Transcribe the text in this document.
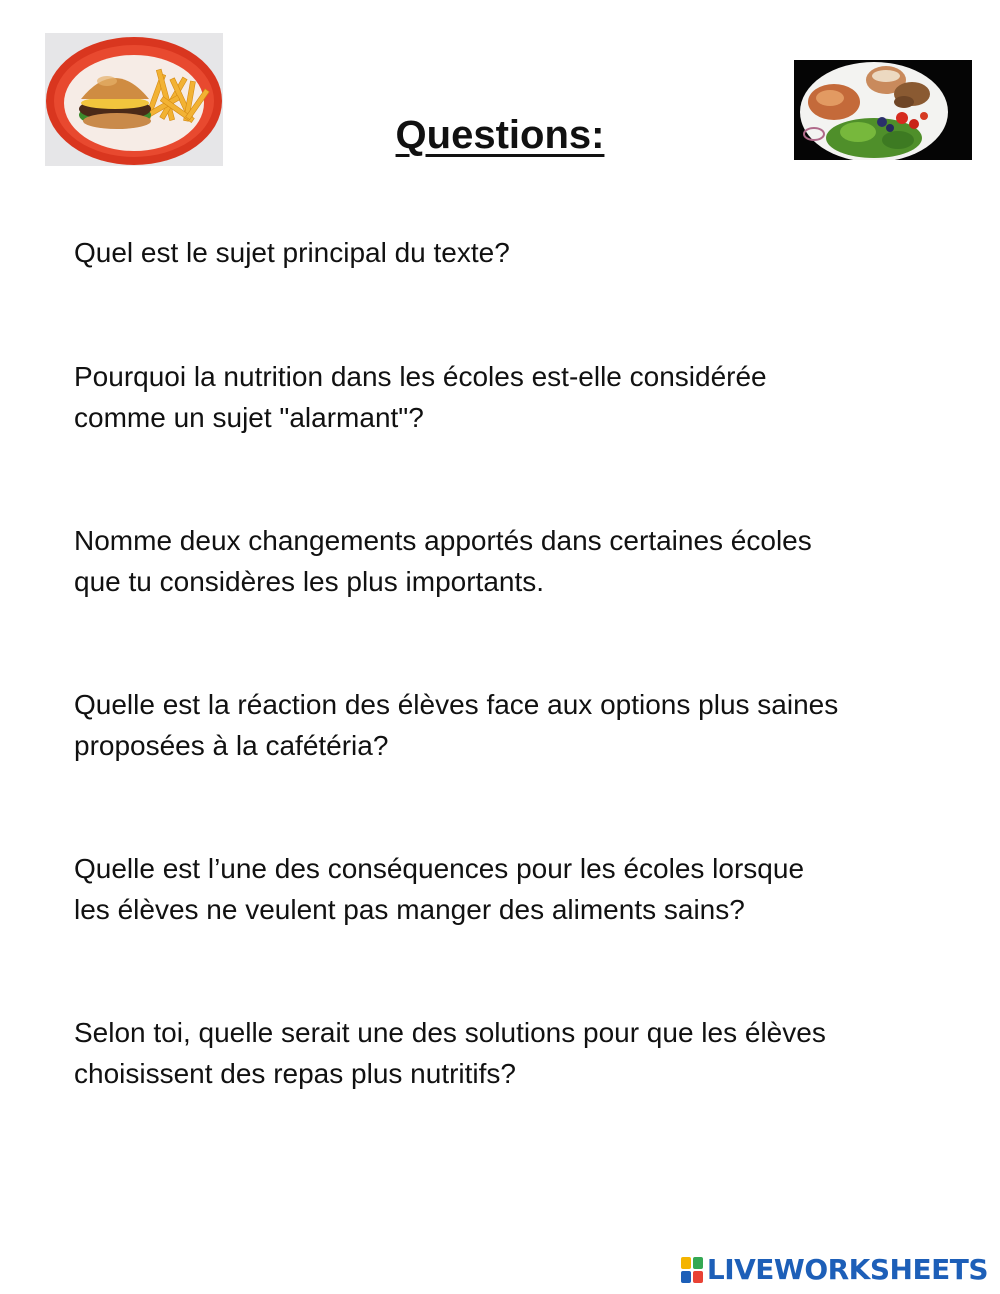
Questions:
Quel est le sujet principal du texte?
Pourquoi la nutrition dans les écoles est-elle considérée
comme un sujet "alarmant"?
Nomme deux changements apportés dans certaines écoles
que tu considères les plus importants.
Quelle est la réaction des élèves face aux options plus saines
proposées à la cafétéria?
Quelle est l’une des conséquences pour les écoles lorsque
les élèves ne veulent pas manger des aliments sains?
Selon toi, quelle serait une des solutions pour que les élèves
choisissent des repas plus nutritifs?
LIVEWORKSHEETS
